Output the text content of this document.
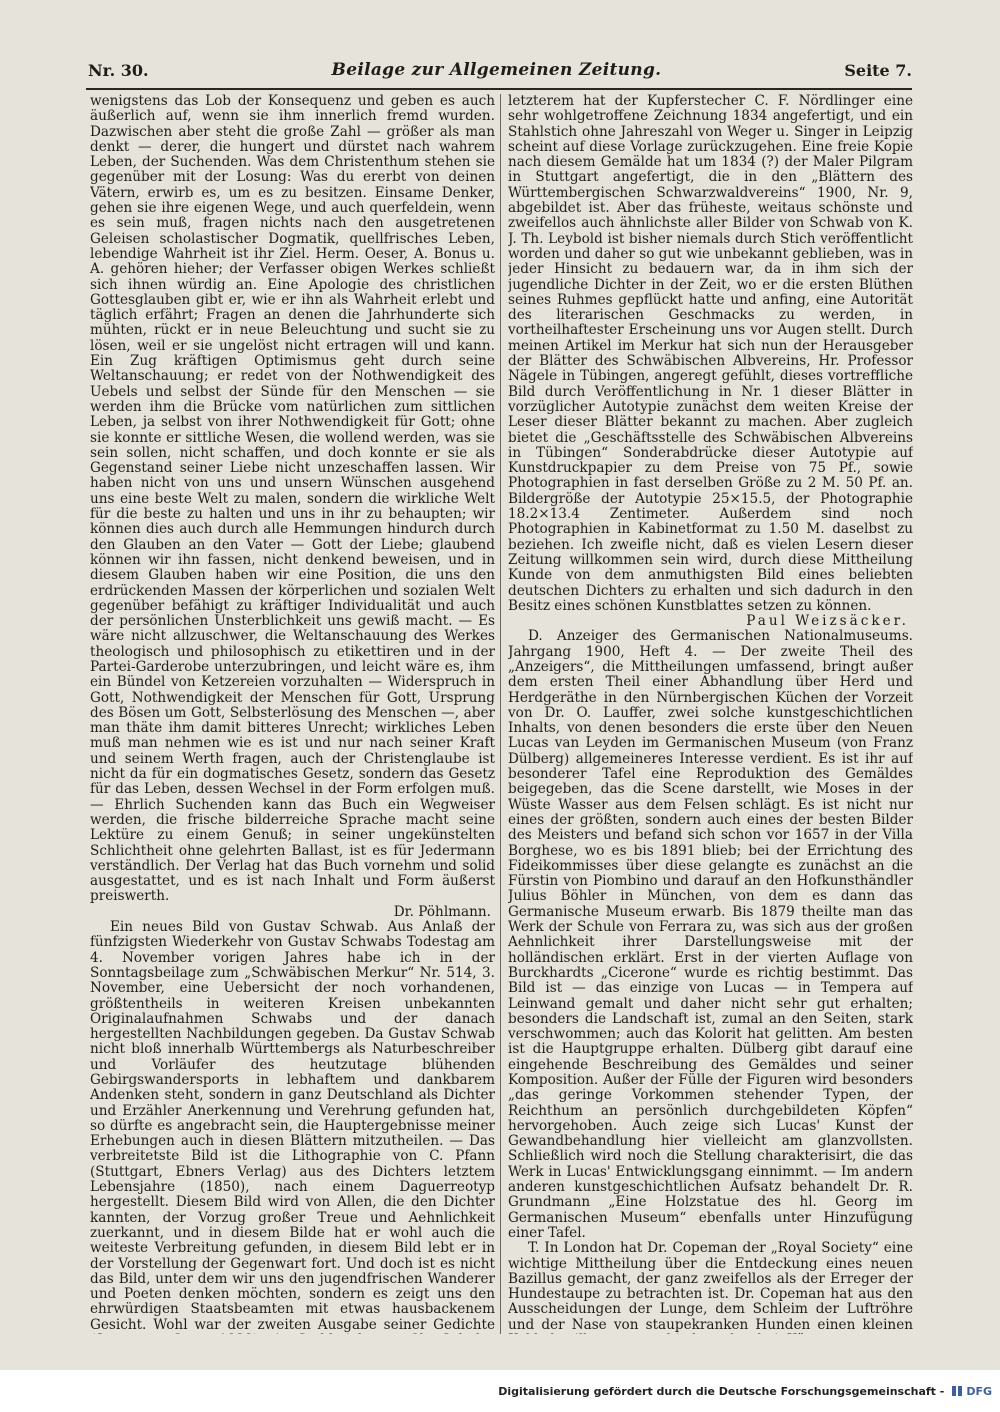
Nr. 30.	Beilage zur Allgemeinen Zeitung.	Seite 7.

wenigstens das Lob der Konsequenz und geben es auch äußerlich auf, wenn sie ihm innerlich fremd wurden. Dazwischen aber steht die große Zahl — größer als man denkt — derer, die hungert und dürstet nach wahrem Leben, der Suchenden. Was dem Christenthum stehen sie gegenüber mit der Losung: Was du ererbt von deinen Vätern, erwirb es, um es zu besitzen. Einsame Denker, gehen sie ihre eigenen Wege, und auch querfeldein, wenn es sein muß, fragen nichts nach den ausgetretenen Geleisen scholastischer Dogmatik, quellfrisches Leben, lebendige Wahrheit ist ihr Ziel. Herm. Oeser, A. Bonus u. A. gehören hieher; der Verfasser obigen Werkes schließt sich ihnen würdig an. Eine Apologie des christlichen Gottesglauben gibt er, wie er ihn als Wahrheit erlebt und täglich erfährt; Fragen an denen die Jahrhunderte sich mühten, rückt er in neue Beleuchtung und sucht sie zu lösen, weil er sie ungelöst nicht ertragen will und kann. Ein Zug kräftigen Optimismus geht durch seine Weltanschauung; er redet von der Nothwendigkeit des Uebels und selbst der Sünde für den Menschen — sie werden ihm die Brücke vom natürlichen zum sittlichen Leben, ja selbst von ihrer Nothwendigkeit für Gott; ohne sie konnte er sittliche Wesen, die wollend werden, was sie sein sollen, nicht schaffen, und doch konnte er sie als Gegenstand seiner Liebe nicht unzeschaffen lassen. Wir haben nicht von uns und unsern Wünschen ausgehend uns eine beste Welt zu malen, sondern die wirkliche Welt für die beste zu halten und uns in ihr zu behaupten; wir können dies auch durch alle Hemmungen hindurch durch den Glauben an den Vater — Gott der Liebe; glaubend können wir ihn fassen, nicht denkend beweisen, und in diesem Glauben haben wir eine Position, die uns den erdrückenden Massen der körperlichen und sozialen Welt gegenüber befähigt zu kräftiger Individualität und auch der persönlichen Unsterblichkeit uns gewiß macht. — Es wäre nicht allzuschwer, die Weltanschauung des Werkes theologisch und philosophisch zu etikettiren und in der Partei-Garderobe unterzubringen, und leicht wäre es, ihm ein Bündel von Ketzereien vorzuhalten — Widerspruch in Gott, Nothwendigkeit der Menschen für Gott, Ursprung des Bösen um Gott, Selbsterlösung des Menschen —, aber man thäte ihm damit bitteres Unrecht; wirkliches Leben muß man nehmen wie es ist und nur nach seiner Kraft und seinem Werth fragen, auch der Christenglaube ist nicht da für ein dogmatisches Gesetz, sondern das Gesetz für das Leben, dessen Wechsel in der Form erfolgen muß. — Ehrlich Suchenden kann das Buch ein Wegweiser werden, die frische bilderreiche Sprache macht seine Lektüre zu einem Genuß; in seiner ungekünstelten Schlichtheit ohne gelehrten Ballast, ist es für Jedermann verständlich. Der Verlag hat das Buch vornehm und solid ausgestattet, und es ist nach Inhalt und Form äußerst preiswerth.

Dr. Pöhlmann.

Ein neues Bild von Gustav Schwab. Aus Anlaß der fünfzigsten Wiederkehr von Gustav Schwabs Todestag am 4. November vorigen Jahres habe ich in der Sonntagsbeilage zum „Schwäbischen Merkur“ Nr. 514, 3. November, eine Uebersicht der noch vorhandenen, größtentheils in weiteren Kreisen unbekannten Originalaufnahmen Schwabs und der danach hergestellten Nachbildungen gegeben. Da Gustav Schwab nicht bloß innerhalb Württembergs als Naturbeschreiber und Vorläufer des heutzutage blühenden Gebirgswandersports in lebhaftem und dankbarem Andenken steht, sondern in ganz Deutschland als Dichter und Erzähler Anerkennung und Verehrung gefunden hat, so dürfte es angebracht sein, die Hauptergebnisse meiner Erhebungen auch in diesen Blättern mitzutheilen. — Das verbreitetste Bild ist die Lithographie von C. Pfann (Stuttgart, Ebners Verlag) aus des Dichters letztem Lebensjahre (1850), nach einem Daguerreotyp hergestellt. Diesem Bild wird von Allen, die den Dichter kannten, der Vorzug großer Treue und Aehnlichkeit zuerkannt, und in diesem Bilde hat er wohl auch die weiteste Verbreitung gefunden, in diesem Bild lebt er in der Vorstellung der Gegenwart fort. Und doch ist es nicht das Bild, unter dem wir uns den jugendfrischen Wanderer und Poeten denken möchten, sondern es zeigt uns den ehrwürdigen Staatsbeamten mit etwas hausbackenem Gesicht. Wohl war der zweiten Ausgabe seiner Gedichte

letzterem hat der Kupferstecher C. F. Nördlinger eine sehr wohlgetroffene Zeichnung 1834 angefertigt, und ein Stahlstich ohne Jahreszahl von Weger u. Singer in Leipzig scheint auf diese Vorlage zurückzugehen. Eine freie Kopie nach diesem Gemälde hat um 1834 (?) der Maler Pilgram in Stuttgart angefertigt, die in den „Blättern des Württembergischen Schwarzwaldvereins“ 1900, Nr. 9, abgebildet ist. Aber das früheste, weitaus schönste und zweifellos auch ähnlichste aller Bilder von Schwab von K. J. Th. Leybold ist bisher niemals durch Stich veröffentlicht worden und daher so gut wie unbekannt geblieben, was in jeder Hinsicht zu bedauern war, da in ihm sich der jugendliche Dichter in der Zeit, wo er die ersten Blüthen seines Ruhmes gepflückt hatte und anfing, eine Autorität des literarischen Geschmacks zu werden, in vortheilhaftester Erscheinung uns vor Augen stellt. Durch meinen Artikel im Merkur hat sich nun der Herausgeber der Blätter des Schwäbischen Albvereins, Hr. Professor Nägele in Tübingen, angeregt gefühlt, dieses vortreffliche Bild durch Veröffentlichung in Nr. 1 dieser Blätter in vorzüglicher Autotypie zunächst dem weiten Kreise der Leser dieser Blätter bekannt zu machen. Aber zugleich bietet die „Geschäftsstelle des Schwäbischen Albvereins in Tübingen“ Sonderabdrücke dieser Autotypie auf Kunstdruckpapier zu dem Preise von 75 Pf., sowie Photographien in fast derselben Größe zu 2 M. 50 Pf. an. Bildergröße der Autotypie 25×15.5, der Photographie 18.2×13.4 Zentimeter. Außerdem sind noch Photographien in Kabinetformat zu 1.50 M. daselbst zu beziehen. Ich zweifle nicht, daß es vielen Lesern dieser Zeitung willkommen sein wird, durch diese Mittheilung Kunde von dem anmuthigsten Bild eines beliebten deutschen Dichters zu erhalten und sich dadurch in den Besitz eines schönen Kunstblattes setzen zu können.

Paul Weizsäcker.

D. Anzeiger des Germanischen Nationalmuseums. Jahrgang 1900, Heft 4. — Der zweite Theil des „Anzeigers“, die Mittheilungen umfassend, bringt außer dem ersten Theil einer Abhandlung über Herd und Herdgeräthe in den Nürnbergischen Küchen der Vorzeit von Dr. O. Lauffer, zwei solche kunstgeschichtlichen Inhalts, von denen besonders die erste über den Neuen Lucas van Leyden im Germanischen Museum (von Franz Dülberg) allgemeineres Interesse verdient. Es ist ihr auf besonderer Tafel eine Reproduktion des Gemäldes beigegeben, das die Scene darstellt, wie Moses in der Wüste Wasser aus dem Felsen schlägt. Es ist nicht nur eines der größten, sondern auch eines der besten Bilder des Meisters und befand sich schon vor 1657 in der Villa Borghese, wo es bis 1891 blieb; bei der Errichtung des Fideikommisses über diese gelangte es zunächst an die Fürstin von Piombino und darauf an den Hofkunsthändler Julius Böhler in München, von dem es dann das Germanische Museum erwarb. Bis 1879 theilte man das Werk der Schule von Ferrara zu, was sich aus der großen Aehnlichkeit ihrer Darstellungsweise mit der holländischen erklärt. Erst in der vierten Auflage von Burckhardts „Cicerone“ wurde es richtig bestimmt. Das Bild ist — das einzige von Lucas — in Tempera auf Leinwand gemalt und daher nicht sehr gut erhalten; besonders die Landschaft ist, zumal an den Seiten, stark verschwommen; auch das Kolorit hat gelitten. Am besten ist die Hauptgruppe erhalten. Dülberg gibt darauf eine eingehende Beschreibung des Gemäldes und seiner Komposition. Außer der Fülle der Figuren wird besonders „das geringe Vorkommen stehender Typen, der Reichthum an persönlich durchgebildeten Köpfen“ hervorgehoben. Auch zeige sich Lucas' Kunst der Gewandbehandlung hier vielleicht am glanzvollsten. Schließlich wird noch die Stellung charakterisirt, die das Werk in Lucas' Entwicklungsgang einnimmt. — Im andern anderen kunstgeschichtlichen Aufsatz behandelt Dr. R. Grundmann „Eine Holzstatue des hl. Georg im Germanischen Museum“ ebenfalls unter Hinzufügung einer Tafel.

T. In London hat Dr. Copeman der „Royal Society“ eine wichtige Mittheilung über die Entdeckung eines neuen Bazillus gemacht, der ganz zweifellos als der Erreger der Hundestaupe zu betrachten ist. Dr. Copeman hat aus den Ausscheidungen der Lunge, dem Schleim der Luftröhre und der Nase von staupekranken Hunden einen kleinen

Digitalisierung gefördert durch die Deutsche Forschungsgemeinschaft - DFG
